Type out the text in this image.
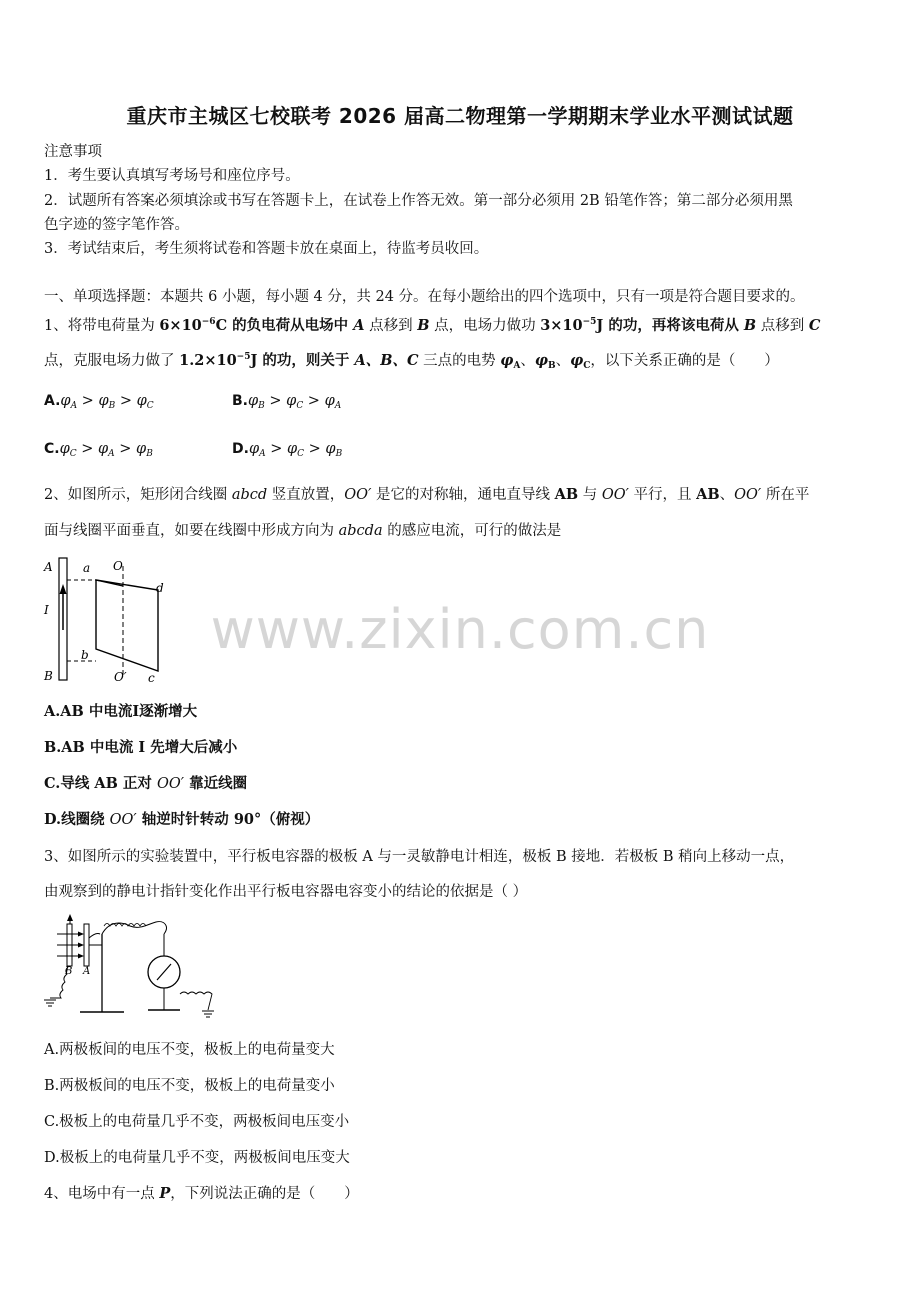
重庆市主城区七校联考 2026 届高二物理第一学期期末学业水平测试试题
注意事项
1．考生要认真填写考场号和座位序号。
2．试题所有答案必须填涂或书写在答题卡上，在试卷上作答无效。第一部分必须用 2B 铅笔作答；第二部分必须用黑
色字迹的签字笔作答。
3．考试结束后，考生须将试卷和答题卡放在桌面上，待监考员收回。
一、单项选择题：本题共 6 小题，每小题 4 分，共 24 分。在每小题给出的四个选项中，只有一项是符合题目要求的。
1、将带电荷量为 $6\times 10^{-6}C$ 的负电荷从电场中 A 点移到 B 点，电场力做功 $3\times 10^{-5}J$ 的功，再将该电荷从 B 点移到 C
点，克服电场力做了 $1.2\times 10^{-5}J$ 的功，则关于 A、B、C 三点的电势 $\varphi_A$、$\varphi_B$、$\varphi_C$，以下关系正确的是（　　）
$A.\varphi_A > \varphi_B > \varphi_C$	$B.\varphi_B > \varphi_C > \varphi_A$
$C.\varphi_C > \varphi_A > \varphi_B$	$D.\varphi_A > \varphi_C > \varphi_B$
2、如图所示，矩形闭合线圈 abcd 竖直放置，OO′ 是它的对称轴，通电直导线 AB 与 OO′ 平行，且 AB、OO′ 所在平
面与线圈平面垂直，如要在线圈中形成方向为 abcda 的感应电流，可行的做法是
A
I
B
a O
d
b
O′ c
A.AB 中电流Ⅰ逐渐增大
B.AB 中电流 I 先增大后减小
C.导线 AB 正对 OO′ 靠近线圈
D.线圈绕 OO′ 轴逆时针转动 90°（俯视）
3、如图所示的实验装置中，平行板电容器的极板 A 与一灵敏静电计相连，极板 B 接地．若极板 B 稍向上移动一点，
由观察到的静电计指针变化作出平行板电容器电容变小的结论的依据是（ ）
B A
A.两极板间的电压不变，极板上的电荷量变大
B.两极板间的电压不变，极板上的电荷量变小
C.极板上的电荷量几乎不变，两极板间电压变小
D.极板上的电荷量几乎不变，两极板间电压变大
4、电场中有一点 P，下列说法正确的是（　　）
www.zixin.com.cn
